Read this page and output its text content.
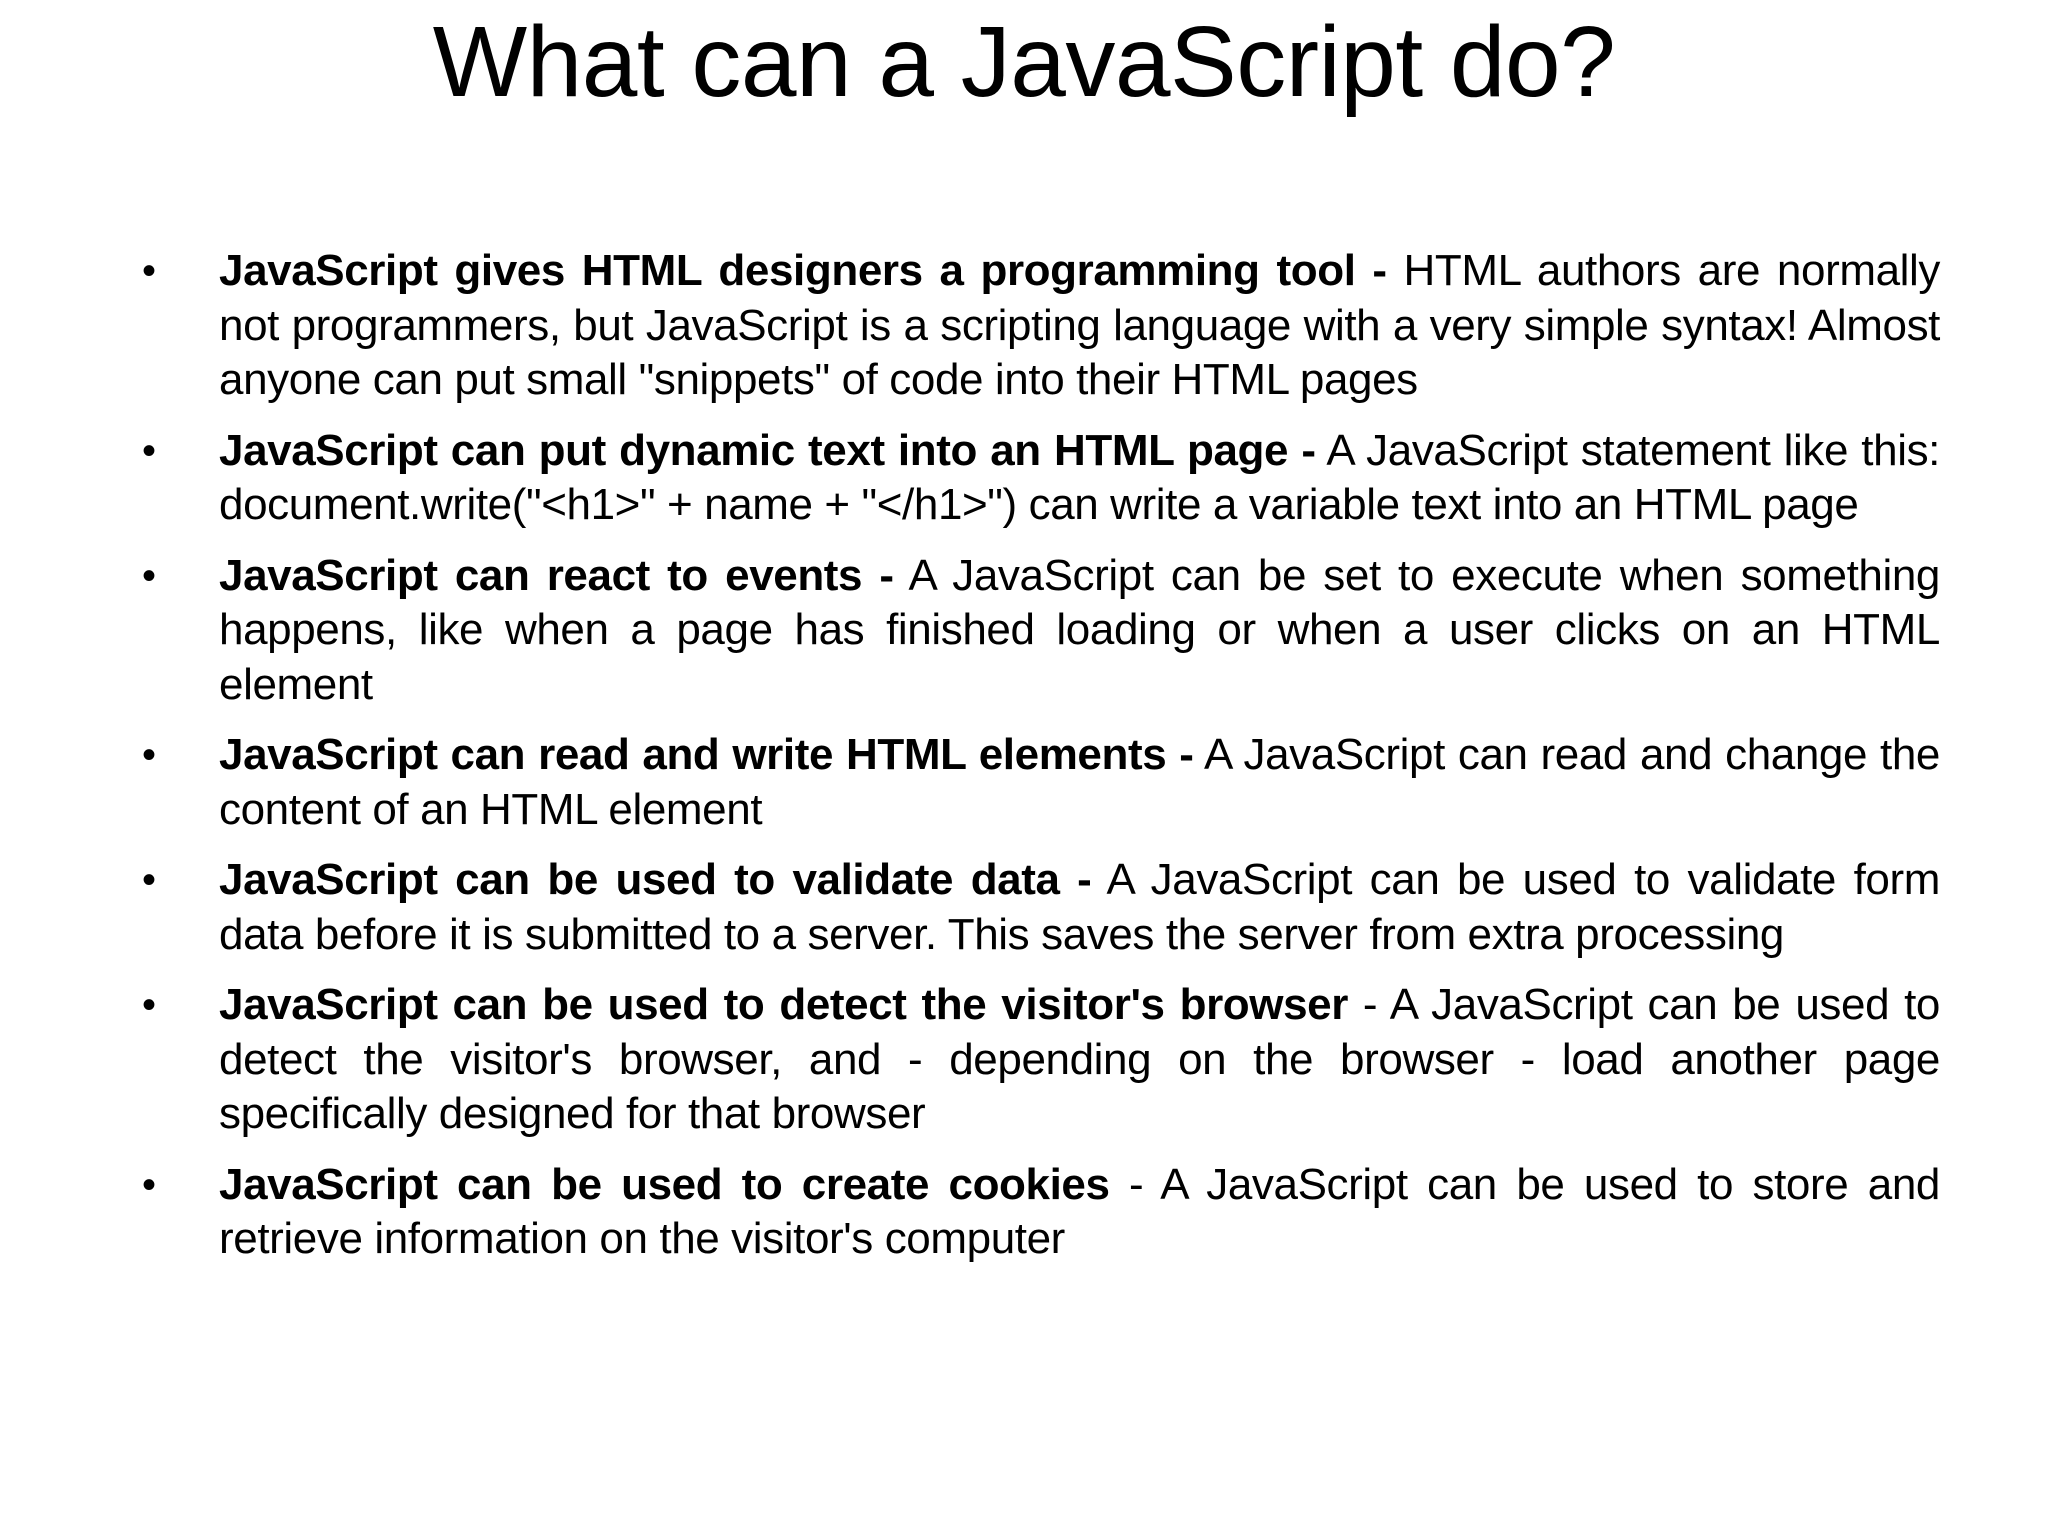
What can a JavaScript do?
• JavaScript gives HTML designers a programming tool - HTML authors are normally not programmers, but JavaScript is a scripting language with a very simple syntax! Almost anyone can put small "snippets" of code into their HTML pages
• JavaScript can put dynamic text into an HTML page - A JavaScript statement like this: document.write("<h1>" + name + "</h1>") can write a variable text into an HTML page
• JavaScript can react to events - A JavaScript can be set to execute when something happens, like when a page has finished loading or when a user clicks on an HTML element
• JavaScript can read and write HTML elements - A JavaScript can read and change the content of an HTML element
• JavaScript can be used to validate data - A JavaScript can be used to validate form data before it is submitted to a server. This saves the server from extra processing
• JavaScript can be used to detect the visitor's browser - A JavaScript can be used to detect the visitor's browser, and - depending on the browser - load another page specifically designed for that browser
• JavaScript can be used to create cookies - A JavaScript can be used to store and retrieve information on the visitor's computer
